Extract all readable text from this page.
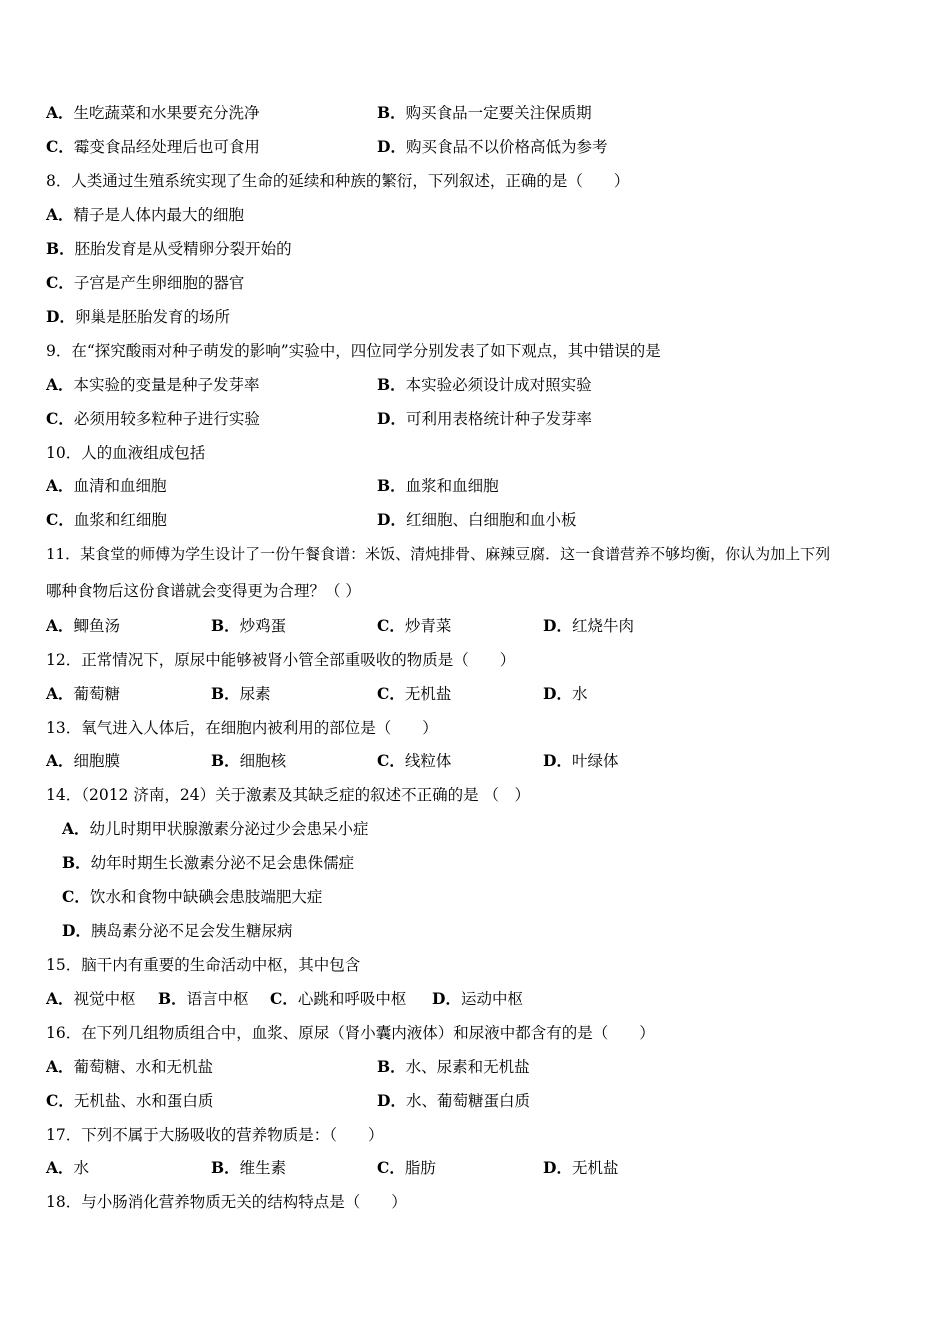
A．生吃蔬菜和水果要充分洗净	B．购买食品一定要关注保质期
C．霉变食品经处理后也可食用	D．购买食品不以价格高低为参考
8．人类通过生殖系统实现了生命的延续和种族的繁衍，下列叙述，正确的是（　　）
A．精子是人体内最大的细胞
B．胚胎发育是从受精卵分裂开始的
C．子宫是产生卵细胞的器官
D．卵巢是胚胎发育的场所
9．在“探究酸雨对种子萌发的影响”实验中，四位同学分别发表了如下观点，其中错误的是
A．本实验的变量是种子发芽率	B．本实验必须设计成对照实验
C．必须用较多粒种子进行实验	D．可利用表格统计种子发芽率
10．人的血液组成包括
A．血清和血细胞	B．血浆和血细胞
C．血浆和红细胞	D．红细胞、白细胞和血小板
11．某食堂的师傅为学生设计了一份午餐食谱：米饭、清炖排骨、麻辣豆腐．这一食谱营养不够均衡，你认为加上下列
哪种食物后这份食谱就会变得更为合理？（ ）
A．鲫鱼汤	B．炒鸡蛋	C．炒青菜	D．红烧牛肉
12．正常情况下，原尿中能够被肾小管全部重吸收的物质是（　　）
A．葡萄糖	B．尿素	C．无机盐	D．水
13．氧气进入人体后，在细胞内被利用的部位是（　　）
A．细胞膜	B．细胞核	C．线粒体	D．叶绿体
14．（2012 济南，24）关于激素及其缺乏症的叙述不正确的是 （　）
A．幼儿时期甲状腺激素分泌过少会患呆小症
B．幼年时期生长激素分泌不足会患侏儒症
C．饮水和食物中缺碘会患肢端肥大症
D．胰岛素分泌不足会发生糖尿病
15．脑干内有重要的生命活动中枢，其中包含
A．视觉中枢 B．语言中枢 C．心跳和呼吸中枢 D．运动中枢
16．在下列几组物质组合中，血浆、原尿（肾小囊内液体）和尿液中都含有的是（　　）
A．葡萄糖、水和无机盐	B．水、尿素和无机盐
C．无机盐、水和蛋白质	D．水、葡萄糖蛋白质
17．下列不属于大肠吸收的营养物质是：（　　）
A．水	B．维生素	C．脂肪	D．无机盐
18．与小肠消化营养物质无关的结构特点是（　　）
